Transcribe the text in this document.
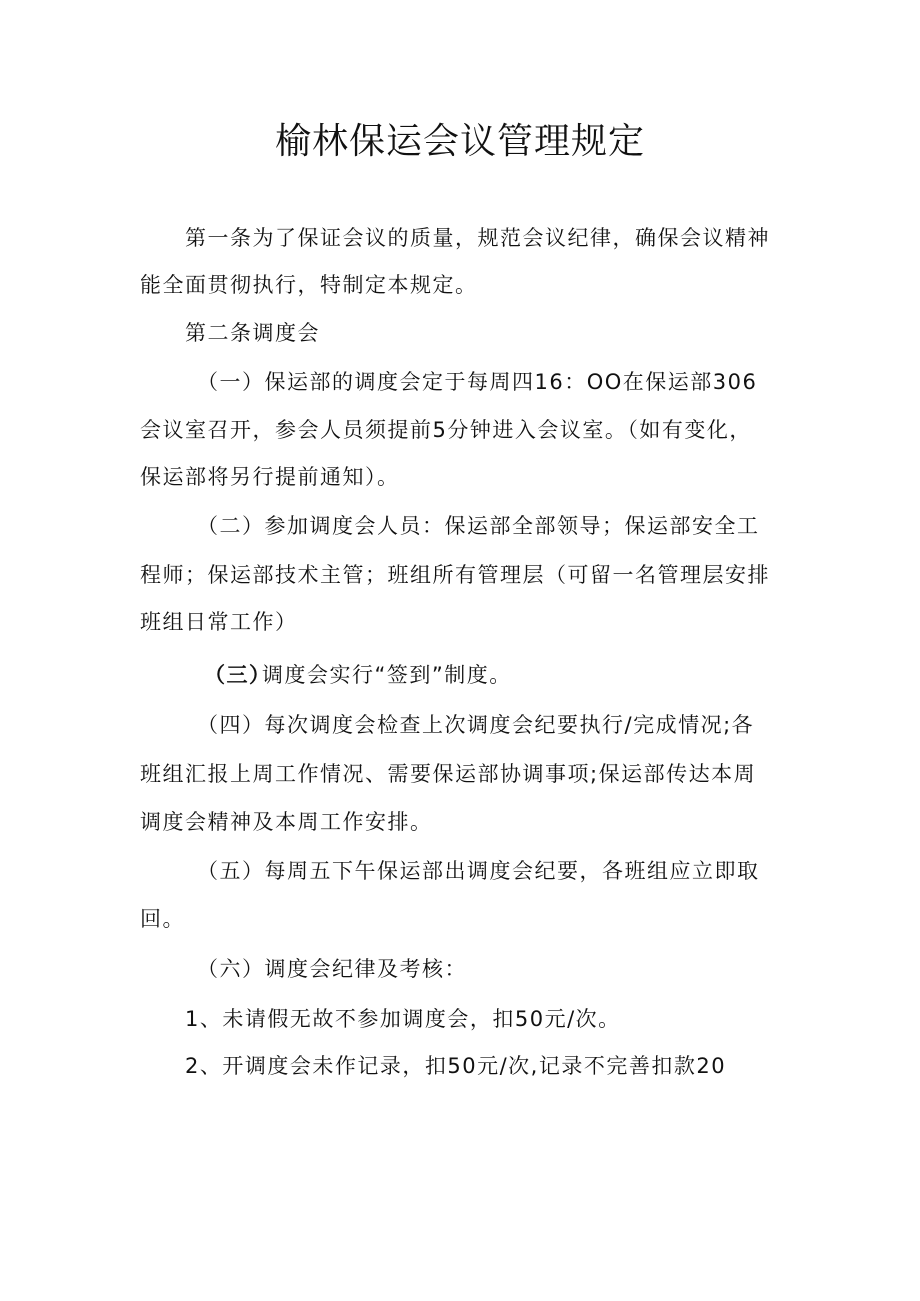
榆林保运会议管理规定

　　第一条为了保证会议的质量，规范会议纪律，确保会议精神

能全面贯彻执行，特制定本规定。

　　第二条调度会

　　　（一）保运部的调度会定于每周四16：OO在保运部306

会议室召开，参会人员须提前5分钟进入会议室。（如有变化，

保运部将另行提前通知）。

　　　（二）参加调度会人员：保运部全部领导；保运部安全工

程师；保运部技术主管；班组所有管理层（可留一名管理层安排

班组日常工作）

（三）

调度会实行“签到”制度。

　　　（四）每次调度会检查上次调度会纪要执行/完成情况;各

班组汇报上周工作情况、需要保运部协调事项;保运部传达本周

调度会精神及本周工作安排。

　　　（五）每周五下午保运部出调度会纪要，各班组应立即取

回。

　　　（六）调度会纪律及考核：

　　1、未请假无故不参加调度会，扣50元/次。

　　2、开调度会未作记录，扣50元/次,记录不完善扣款20
